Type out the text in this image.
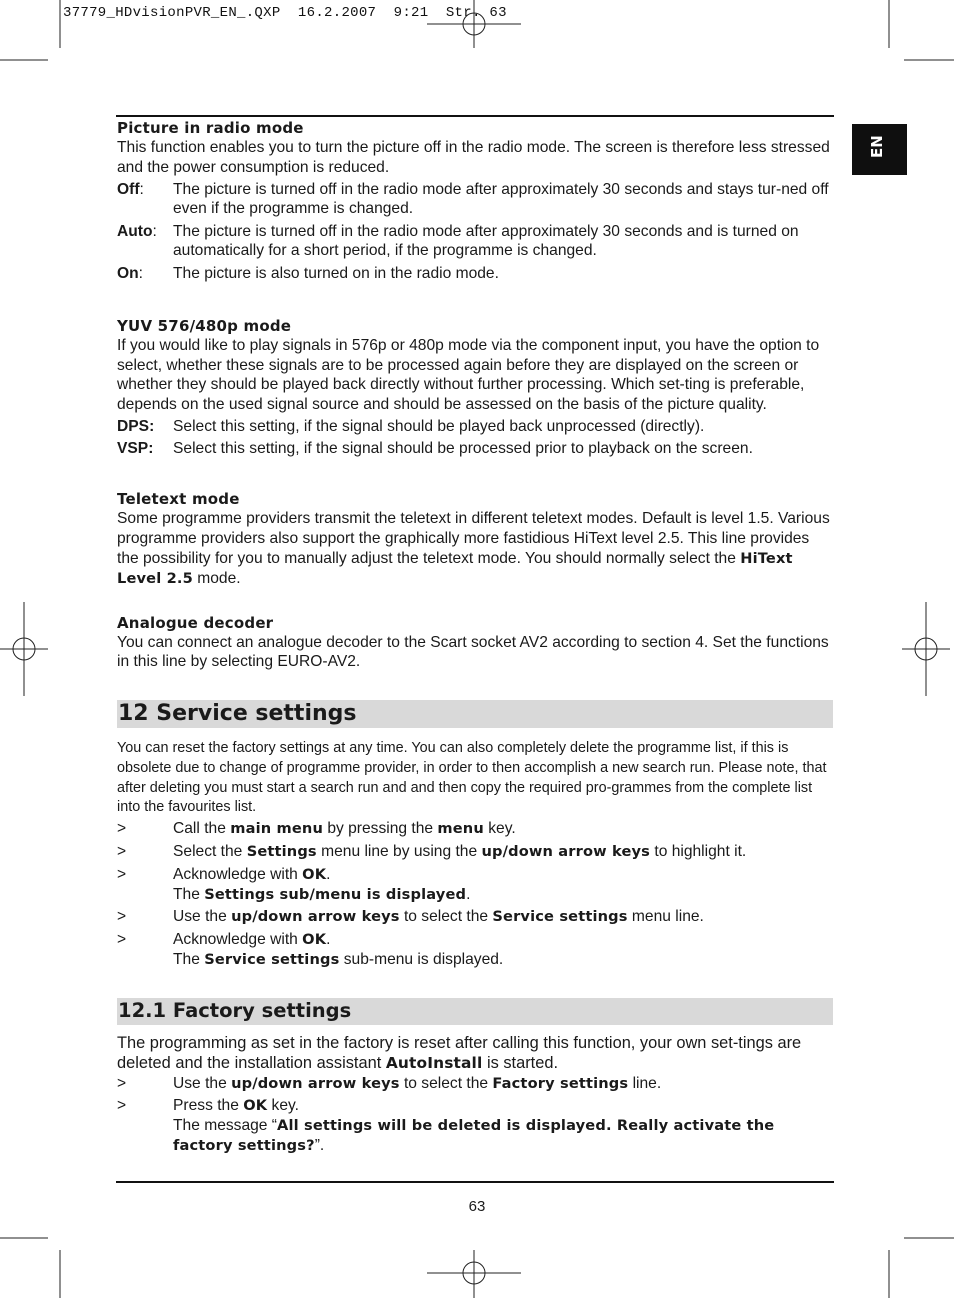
37779_HDvisionPVR_EN_.QXP  16.2.2007  9:21  Str. 63
EN
Picture in radio mode

This function enables you to turn the picture off in the radio mode. The screen is therefore less stressed and the power consumption is reduced.

Off:	The picture is turned off in the radio mode after approximately 30 seconds and stays tur-ned off even if the programme is changed.
Auto:	The picture is turned off in the radio mode after approximately 30 seconds and is turned on automatically for a short period, if the programme is changed.
On:	The picture is also turned on in the radio mode.
YUV 576/480p mode

If you would like to play signals in 576p or 480p mode via the component input, you have the option to select, whether these signals are to be processed again before they are displayed on the screen or whether they should be played back directly without further processing. Which set-ting is preferable, depends on the used signal source and should be assessed on the basis of the picture quality.

DPS:	Select this setting, if the signal should be played back unprocessed (directly).
VSP:	Select this setting, if the signal should be processed prior to playback on the screen.
Teletext mode

Some programme providers transmit the teletext in different teletext modes. Default is level 1.5. Various programme providers also support the graphically more fastidious HiText level 2.5. This line provides the possibility for you to manually adjust the teletext mode. You should normally select the HiText Level 2.5 mode.

Analogue decoder

You can connect an analogue decoder to the Scart socket AV2 according to section 4. Set the functions in this line by selecting EURO-AV2.

12 Service settings

You can reset the factory settings at any time. You can also completely delete the programme list, if this is obsolete due to change of programme provider, in order to then accomplish a new search run. Please note, that after deleting you must start a search run and and then copy the required pro-grammes from the complete list into the favourites list.

>	Call the main menu by pressing the menu key.
>	Select the Settings menu line by using the up/down arrow keys to highlight it.
>	Acknowledge with OK.
The Settings sub/menu is displayed.
>	Use the up/down arrow keys to select the Service settings menu line.
>	Acknowledge with OK.
The Service settings sub-menu is displayed.
12.1 Factory settings

The programming as set in the factory is reset after calling this function, your own set-tings are deleted and the installation assistant AutoInstall is started.

>	Use the up/down arrow keys to select the Factory settings line.
>	Press the OK key.
The message “All settings will be deleted is displayed. Really activate the factory settings?”.
63
